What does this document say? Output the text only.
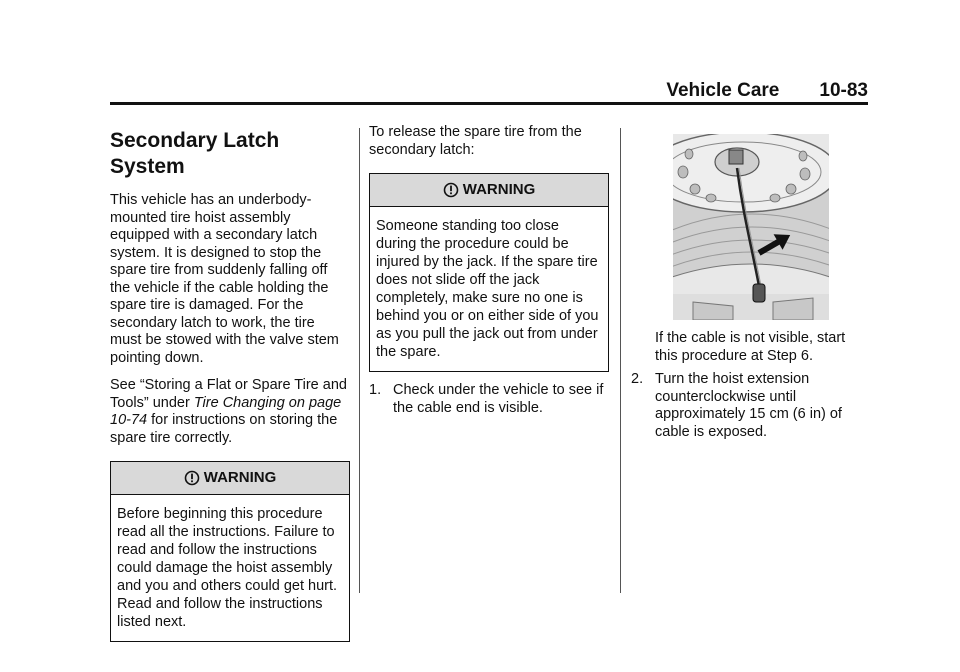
Vehicle Care 10-83
Secondary Latch System

This vehicle has an underbody-mounted tire hoist assembly equipped with a secondary latch system. It is designed to stop the spare tire from suddenly falling off the vehicle if the cable holding the spare tire is damaged. For the secondary latch to work, the tire must be stowed with the valve stem pointing down.

See “Storing a Flat or Spare Tire and Tools” under Tire Changing on page 10-74 for instructions on storing the spare tire correctly.

WARNING
Before beginning this procedure read all the instructions. Failure to read and follow the instructions could damage the hoist assembly and you and others could get hurt. Read and follow the instructions listed next.

To release the spare tire from the secondary latch:

WARNING
Someone standing too close during the procedure could be injured by the jack. If the spare tire does not slide off the jack completely, make sure no one is behind you or on either side of you as you pull the jack out from under the spare.
1. Check under the vehicle to see if the cable end is visible.

If the cable is not visible, start this procedure at Step 6.

2. Turn the hoist extension counterclockwise until approximately 15 cm (6 in) of cable is exposed.
